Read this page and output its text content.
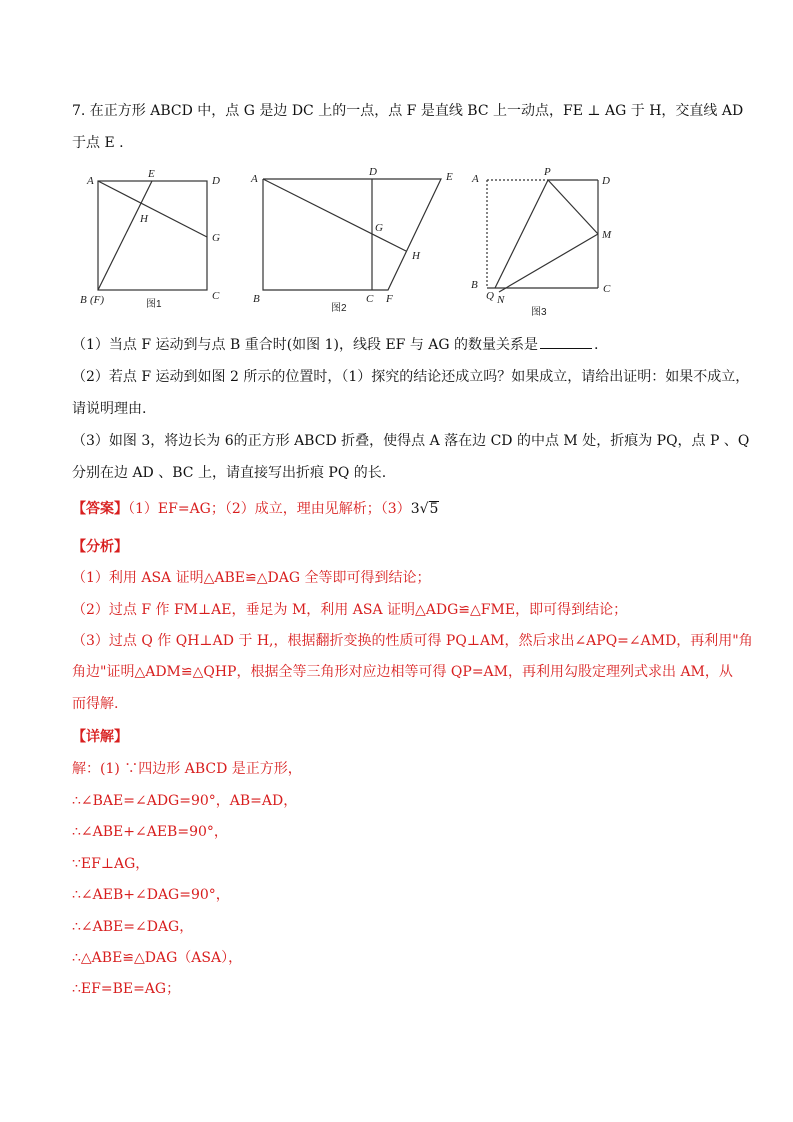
7. 在正方形 ABCD 中，点 G 是边 DC 上的一点，点 F 是直线 BC 上一动点，FE ⊥ AG 于 H，交直线 AD
于点 E .
A
E
D
H
G
B (F)	C
图1
A
D	E
G
H
B	C F
图2
A
P
D
M
B
Q N
C
图3
（1）当点 F 运动到与点 B 重合时(如图 1)，线段 EF 与 AG 的数量关系是	.
（2）若点 F 运动到如图 2 所示的位置时，（1）探究的结论还成立吗？如果成立，请给出证明：如果不成立，
请说明理由.
（3）如图 3，将边长为 6的正方形 ABCD 折叠，使得点 A 落在边 CD 的中点 M 处，折痕为 PQ，点 P 、Q
分别在边 AD 、BC 上，请直接写出折痕 PQ 的长.
【答案】（1）EF=AG；（2）成立，理由见解析；（3）3√5
【分析】
（1）利用 ASA 证明△ABE≌△DAG 全等即可得到结论；
（2）过点 F 作 FM⊥AE，垂足为 M，利用 ASA 证明△ADG≌△FME，即可得到结论；
（3）过点 Q 作 QH⊥AD 于 H,，根据翻折变换的性质可得 PQ⊥AM，然后求出∠APQ=∠AMD，再利用"角
角边"证明△ADM≌△QHP，根据全等三角形对应边相等可得 QP=AM，再利用勾股定理列式求出 AM，从
而得解.
【详解】
解：(1) ∵四边形 ABCD 是正方形，
∴∠BAE=∠ADG=90°，AB=AD，
∴∠ABE+∠AEB=90°，
∵EF⊥AG，
∴∠AEB+∠DAG=90°，
∴∠ABE=∠DAG，
∴△ABE≌△DAG（ASA），
∴EF=BE=AG；
